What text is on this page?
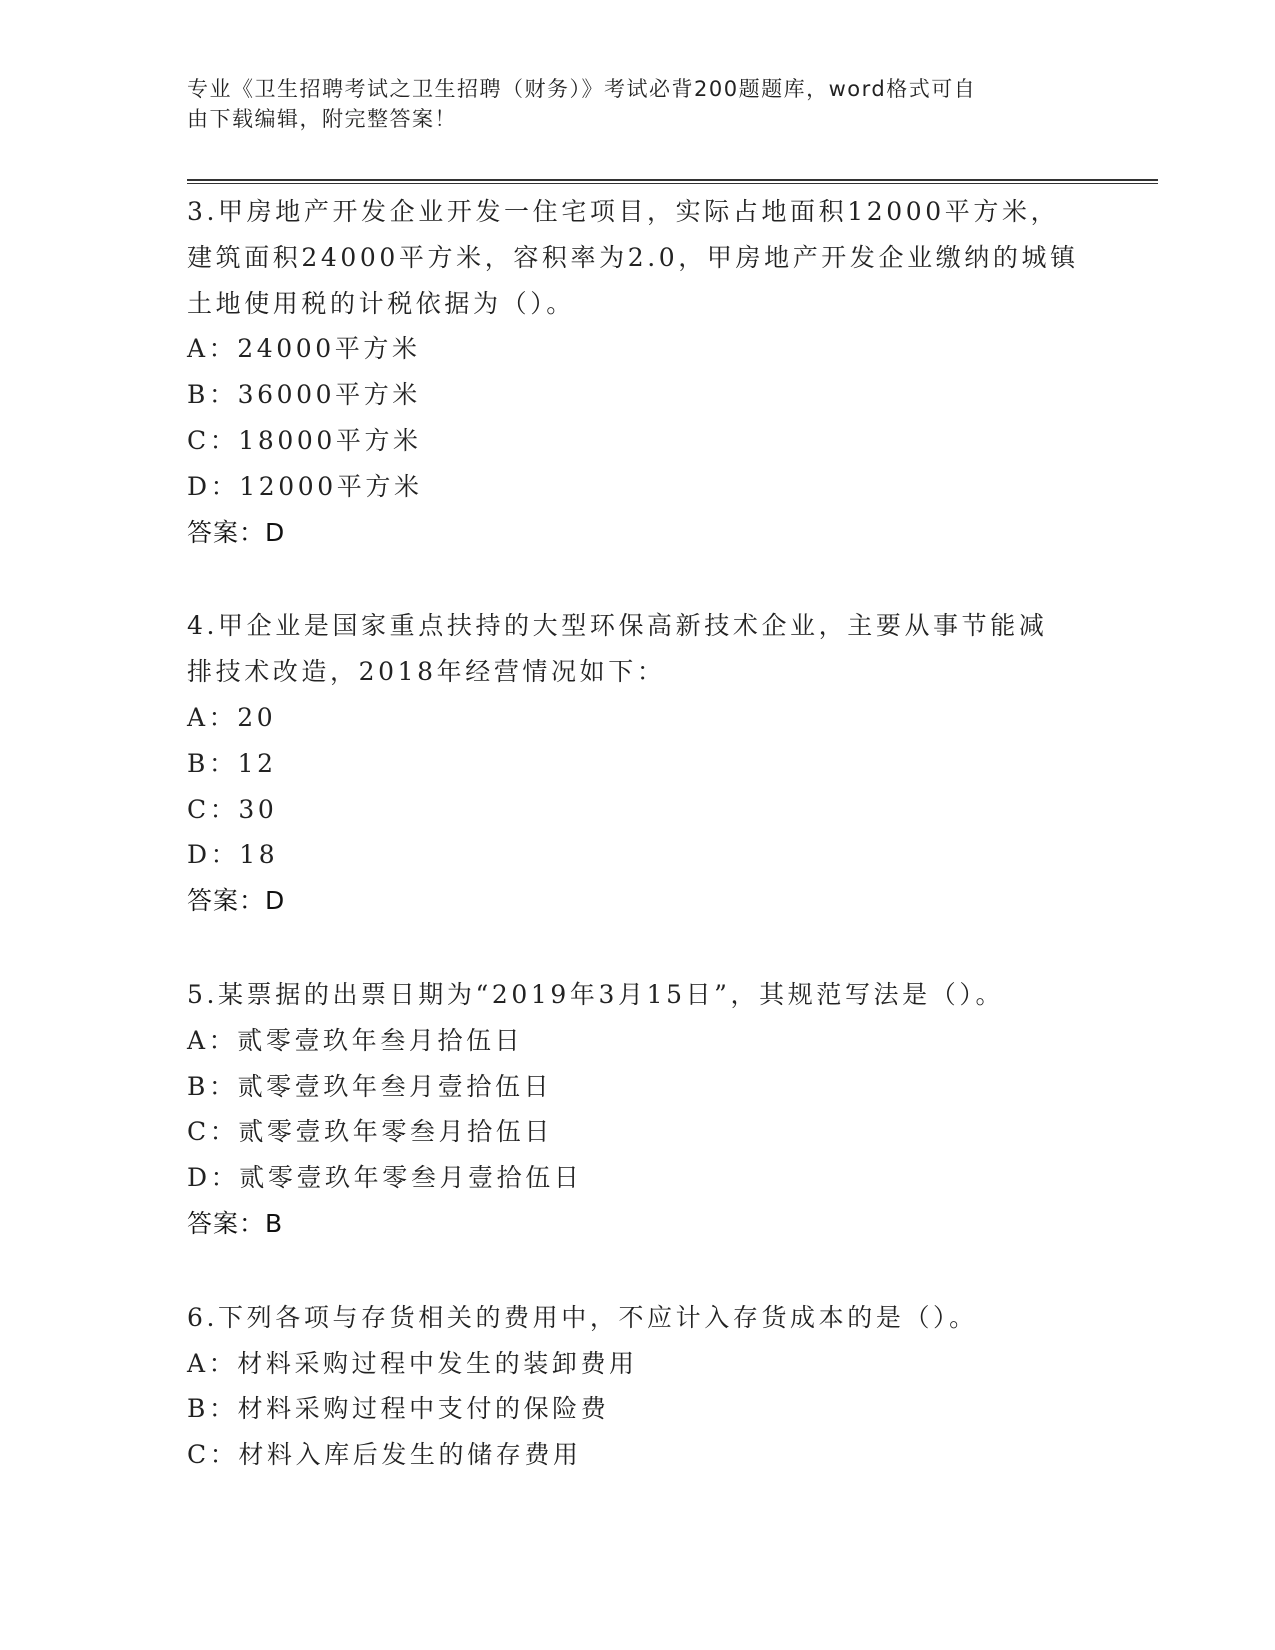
专业《卫生招聘考试之卫生招聘（财务）》考试必背200题题库，word格式可自
由下载编辑，附完整答案！
3.甲房地产开发企业开发一住宅项目，实际占地面积12000平方米，
建筑面积24000平方米，容积率为2.0，甲房地产开发企业缴纳的城镇
土地使用税的计税依据为（）。
A：24000平方米
B：36000平方米
C：18000平方米
D：12000平方米
答案：D
4.甲企业是国家重点扶持的大型环保高新技术企业，主要从事节能减
排技术改造，2018年经营情况如下：
A：20
B：12
C：30
D：18
答案：D
5.某票据的出票日期为“2019年3月15日”，其规范写法是（）。
A：贰零壹玖年叁月拾伍日
B：贰零壹玖年叁月壹拾伍日
C：贰零壹玖年零叁月拾伍日
D：贰零壹玖年零叁月壹拾伍日
答案：B
6.下列各项与存货相关的费用中，不应计入存货成本的是（）。
A：材料采购过程中发生的装卸费用
B：材料采购过程中支付的保险费
C：材料入库后发生的储存费用
